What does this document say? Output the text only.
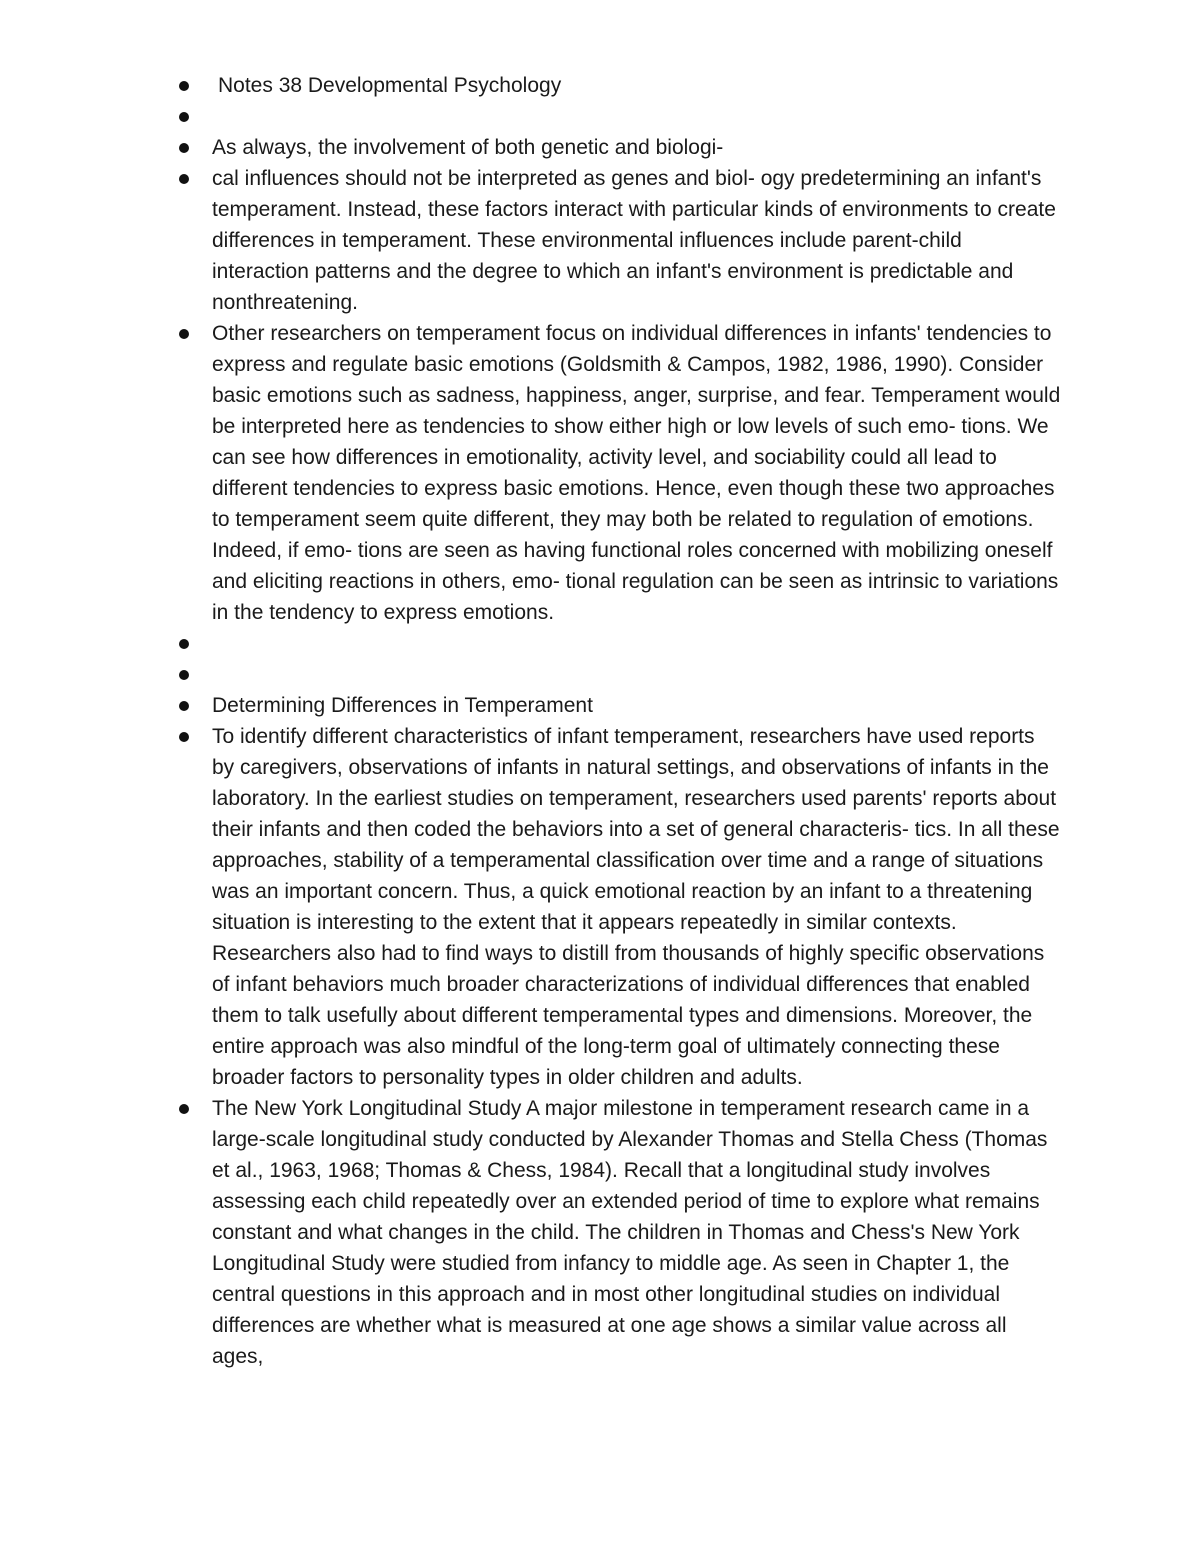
Notes 38 Developmental Psychology
As always, the involvement of both genetic and biologi-
cal influences should not be interpreted as genes and biol- ogy predetermining an infant's temperament. Instead, these factors interact with particular kinds of environments to create differences in temperament. These environmental influences include parent-child interaction patterns and the degree to which an infant's environment is predictable and nonthreatening.
Other researchers on temperament focus on individual differences in infants' tendencies to express and regulate basic emotions (Goldsmith & Campos, 1982, 1986, 1990). Consider basic emotions such as sadness, happiness, anger, surprise, and fear. Temperament would be interpreted here as tendencies to show either high or low levels of such emo- tions. We can see how differences in emotionality, activity level, and sociability could all lead to different tendencies to express basic emotions. Hence, even though these two approaches to temperament seem quite different, they may both be related to regulation of emotions. Indeed, if emo- tions are seen as having functional roles concerned with mobilizing oneself and eliciting reactions in others, emo- tional regulation can be seen as intrinsic to variations in the tendency to express emotions.
Determining Differences in Temperament
To identify different characteristics of infant temperament, researchers have used reports by caregivers, observations of infants in natural settings, and observations of infants in the laboratory. In the earliest studies on temperament, researchers used parents' reports about their infants and then coded the behaviors into a set of general characteris- tics. In all these approaches, stability of a temperamental classification over time and a range of situations was an important concern. Thus, a quick emotional reaction by an infant to a threatening situation is interesting to the extent that it appears repeatedly in similar contexts. Researchers also had to find ways to distill from thousands of highly specific observations of infant behaviors much broader characterizations of individual differences that enabled them to talk usefully about different temperamental types and dimensions. Moreover, the entire approach was also mindful of the long-term goal of ultimately connecting these broader factors to personality types in older children and adults.
The New York Longitudinal Study A major milestone in temperament research came in a large-scale longitudinal study conducted by Alexander Thomas and Stella Chess (Thomas et al., 1963, 1968; Thomas & Chess, 1984). Recall that a longitudinal study involves assessing each child repeatedly over an extended period of time to explore what remains constant and what changes in the child. The children in Thomas and Chess's New York Longitudinal Study were studied from infancy to middle age. As seen in Chapter 1, the central questions in this approach and in most other longitudinal studies on individual differences are whether what is measured at one age shows a similar value across all ages,
